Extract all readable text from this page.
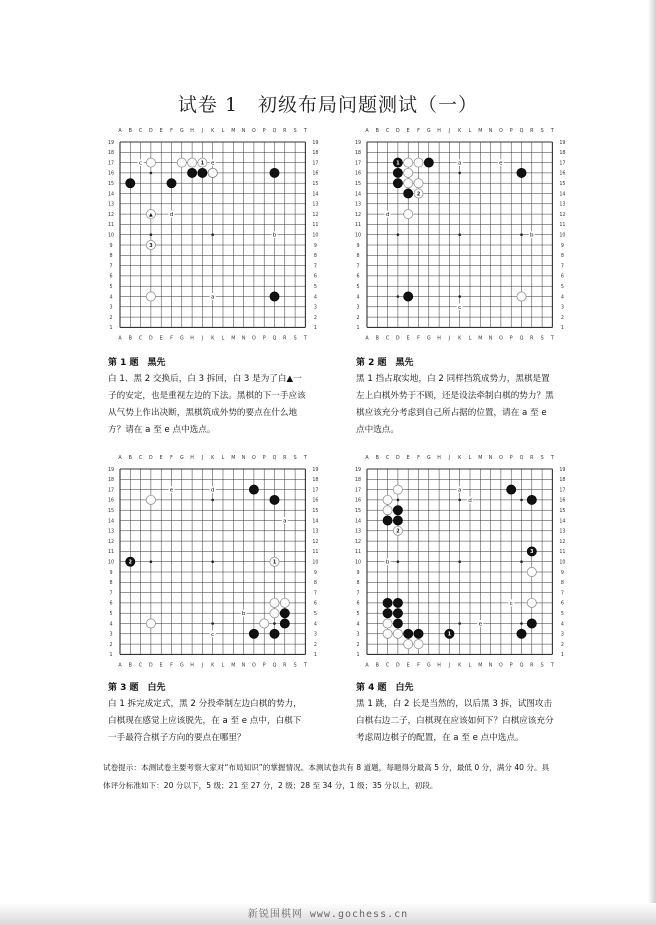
试卷 1　初级布局问题测试（一）
A
A
B
B
C
C
D
D
E
E
F
F
G
G
H
H
J
J
K
K
L
L
M
M
N
N
O
O
P
P
Q
Q
R
R
S
S
T
T
19	19
18	18
17	17
16	16
15	15
14	14
13	13
12	12
11	11
10	10
9	9
8	8
7	7
6	6
5	5
4	4
3	3
2	2
1	1
a
b
c
d
e
1
▲
3
A
A
B
B
C
C
D
D
E
E
F
F
G
G
H
H
J
J
K
K
L
L
M
M
N
N
O
O
P
P
Q
Q
R
R
S
S
T
T
19	19
18	18
17	17
16	16
15	15
14	14
13	13
12	12
11	11
10	10
9	9
8	8
7	7
6	6
5	5
4	4
3	3
2	2
1	1
a
b
c
d
e
1
2
A
A
B
B
C
C
D
D
E
E
F
F
G
G
H
H
J
J
K
K
L
L
M
M
N
N
O
O
P
P
Q
Q
R
R
S
S
T
T
19	19
18	18
17	17
16	16
15	15
14	14
13	13
12	12
11	11
10	10
9	9
8	8
7	7
6	6
5	5
4	4
3	3
2	2
1	1
a
b
c
d
e
2	1
A
A
B
B
C
C
D
D
E
E
F
F
G
G
H
H
J
J
K
K
L
L
M
M
N
N
O
O
P
P
Q
Q
R
R
S
S
T
T
19	19
18	18
17	17
16	16
15	15
14	14
13	13
12	12
11	11
10	10
9	9
8	8
7	7
6	6
5	5
4	4
3	3
2	2
1	1
a
b
c
d
e
3
1
2
第 1 题　黑先
白 1、黑 2 交换后，白 3 拆回，白 3 是为了白▲一子的安定，也是重视左边的下法。黑棋的下一手应该从气势上作出决断，黑棋筑成外势的要点在什么地方？请在 a 至 e 点中选点。
第 2 题　黑先
黑 1 挡占取实地，白 2 同样挡筑成势力，黑棋是置左上白棋外势于不顾，还是设法牵制白棋的势力？黑棋应该充分考虑到自己所占据的位置，请在 a 至 e 点中选点。
第 3 题　白先
白 1 拆完成定式，黑 2 分投牵制左边白棋的势力，白棋现在感觉上应该脱先，在 a 至 e 点中，白棋下一手最符合棋子方向的要点在哪里？
第 4 题　白先
黑 1 跳，白 2 长是当然的，以后黑 3 拆，试图攻击白棋右边二子，白棋现在应该如何下？白棋应该充分考虑周边棋子的配置，在 a 至 e 点中选点。
试卷提示：本测试卷主要考察大家对“布局知识”的掌握情况。本测试卷共有 8 道题，每题得分最高 5 分，最低 0 分，满分 40 分。具体评分标准如下：20 分以下，5 级；21 至 27 分，2 级；28 至 34 分，1 级；35 分以上，初段。
新锐围棋网 www.gochess.cn
